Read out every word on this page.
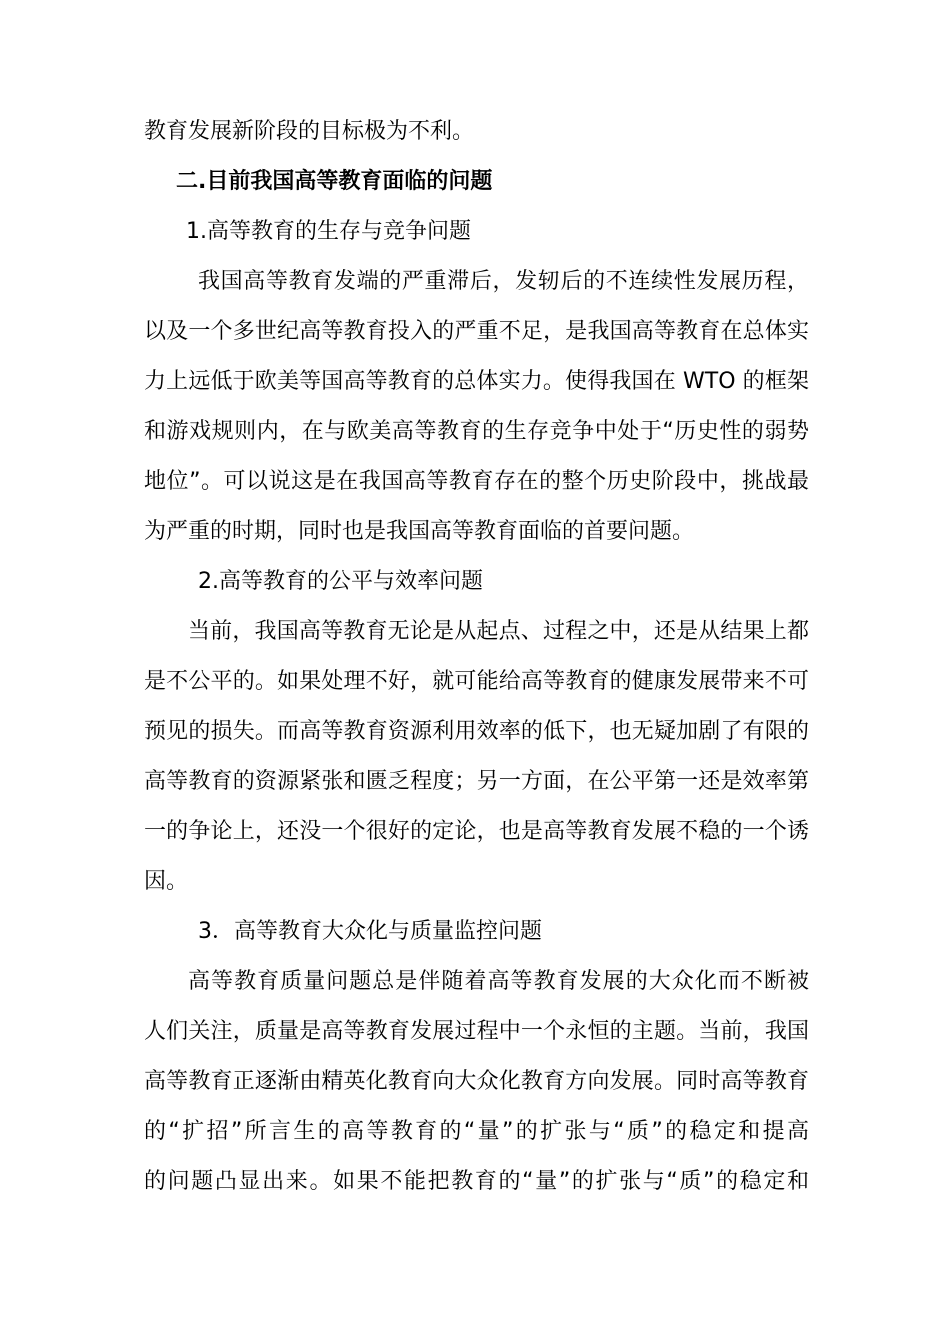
教育发展新阶段的目标极为不利。
二.目前我国高等教育面临的问题
1.高等教育的生存与竞争问题
我国高等教育发端的严重滞后，发轫后的不连续性发展历程，
以及一个多世纪高等教育投入的严重不足，是我国高等教育在总体实
力上远低于欧美等国高等教育的总体实力。使得我国在 WTO 的框架
和游戏规则内，在与欧美高等教育的生存竞争中处于“历史性的弱势
地位”。可以说这是在我国高等教育存在的整个历史阶段中，挑战最
为严重的时期，同时也是我国高等教育面临的首要问题。
2.高等教育的公平与效率问题
当前，我国高等教育无论是从起点、过程之中，还是从结果上都
是不公平的。如果处理不好，就可能给高等教育的健康发展带来不可
预见的损失。而高等教育资源利用效率的低下，也无疑加剧了有限的
高等教育的资源紧张和匮乏程度；另一方面，在公平第一还是效率第
一的争论上，还没一个很好的定论，也是高等教育发展不稳的一个诱
因。
3．高等教育大众化与质量监控问题
高等教育质量问题总是伴随着高等教育发展的大众化而不断被
人们关注，质量是高等教育发展过程中一个永恒的主题。当前，我国
高等教育正逐渐由精英化教育向大众化教育方向发展。同时高等教育
的“扩招”所言生的高等教育的“量”的扩张与“质”的稳定和提高
的问题凸显出来。如果不能把教育的“量”的扩张与“质”的稳定和
